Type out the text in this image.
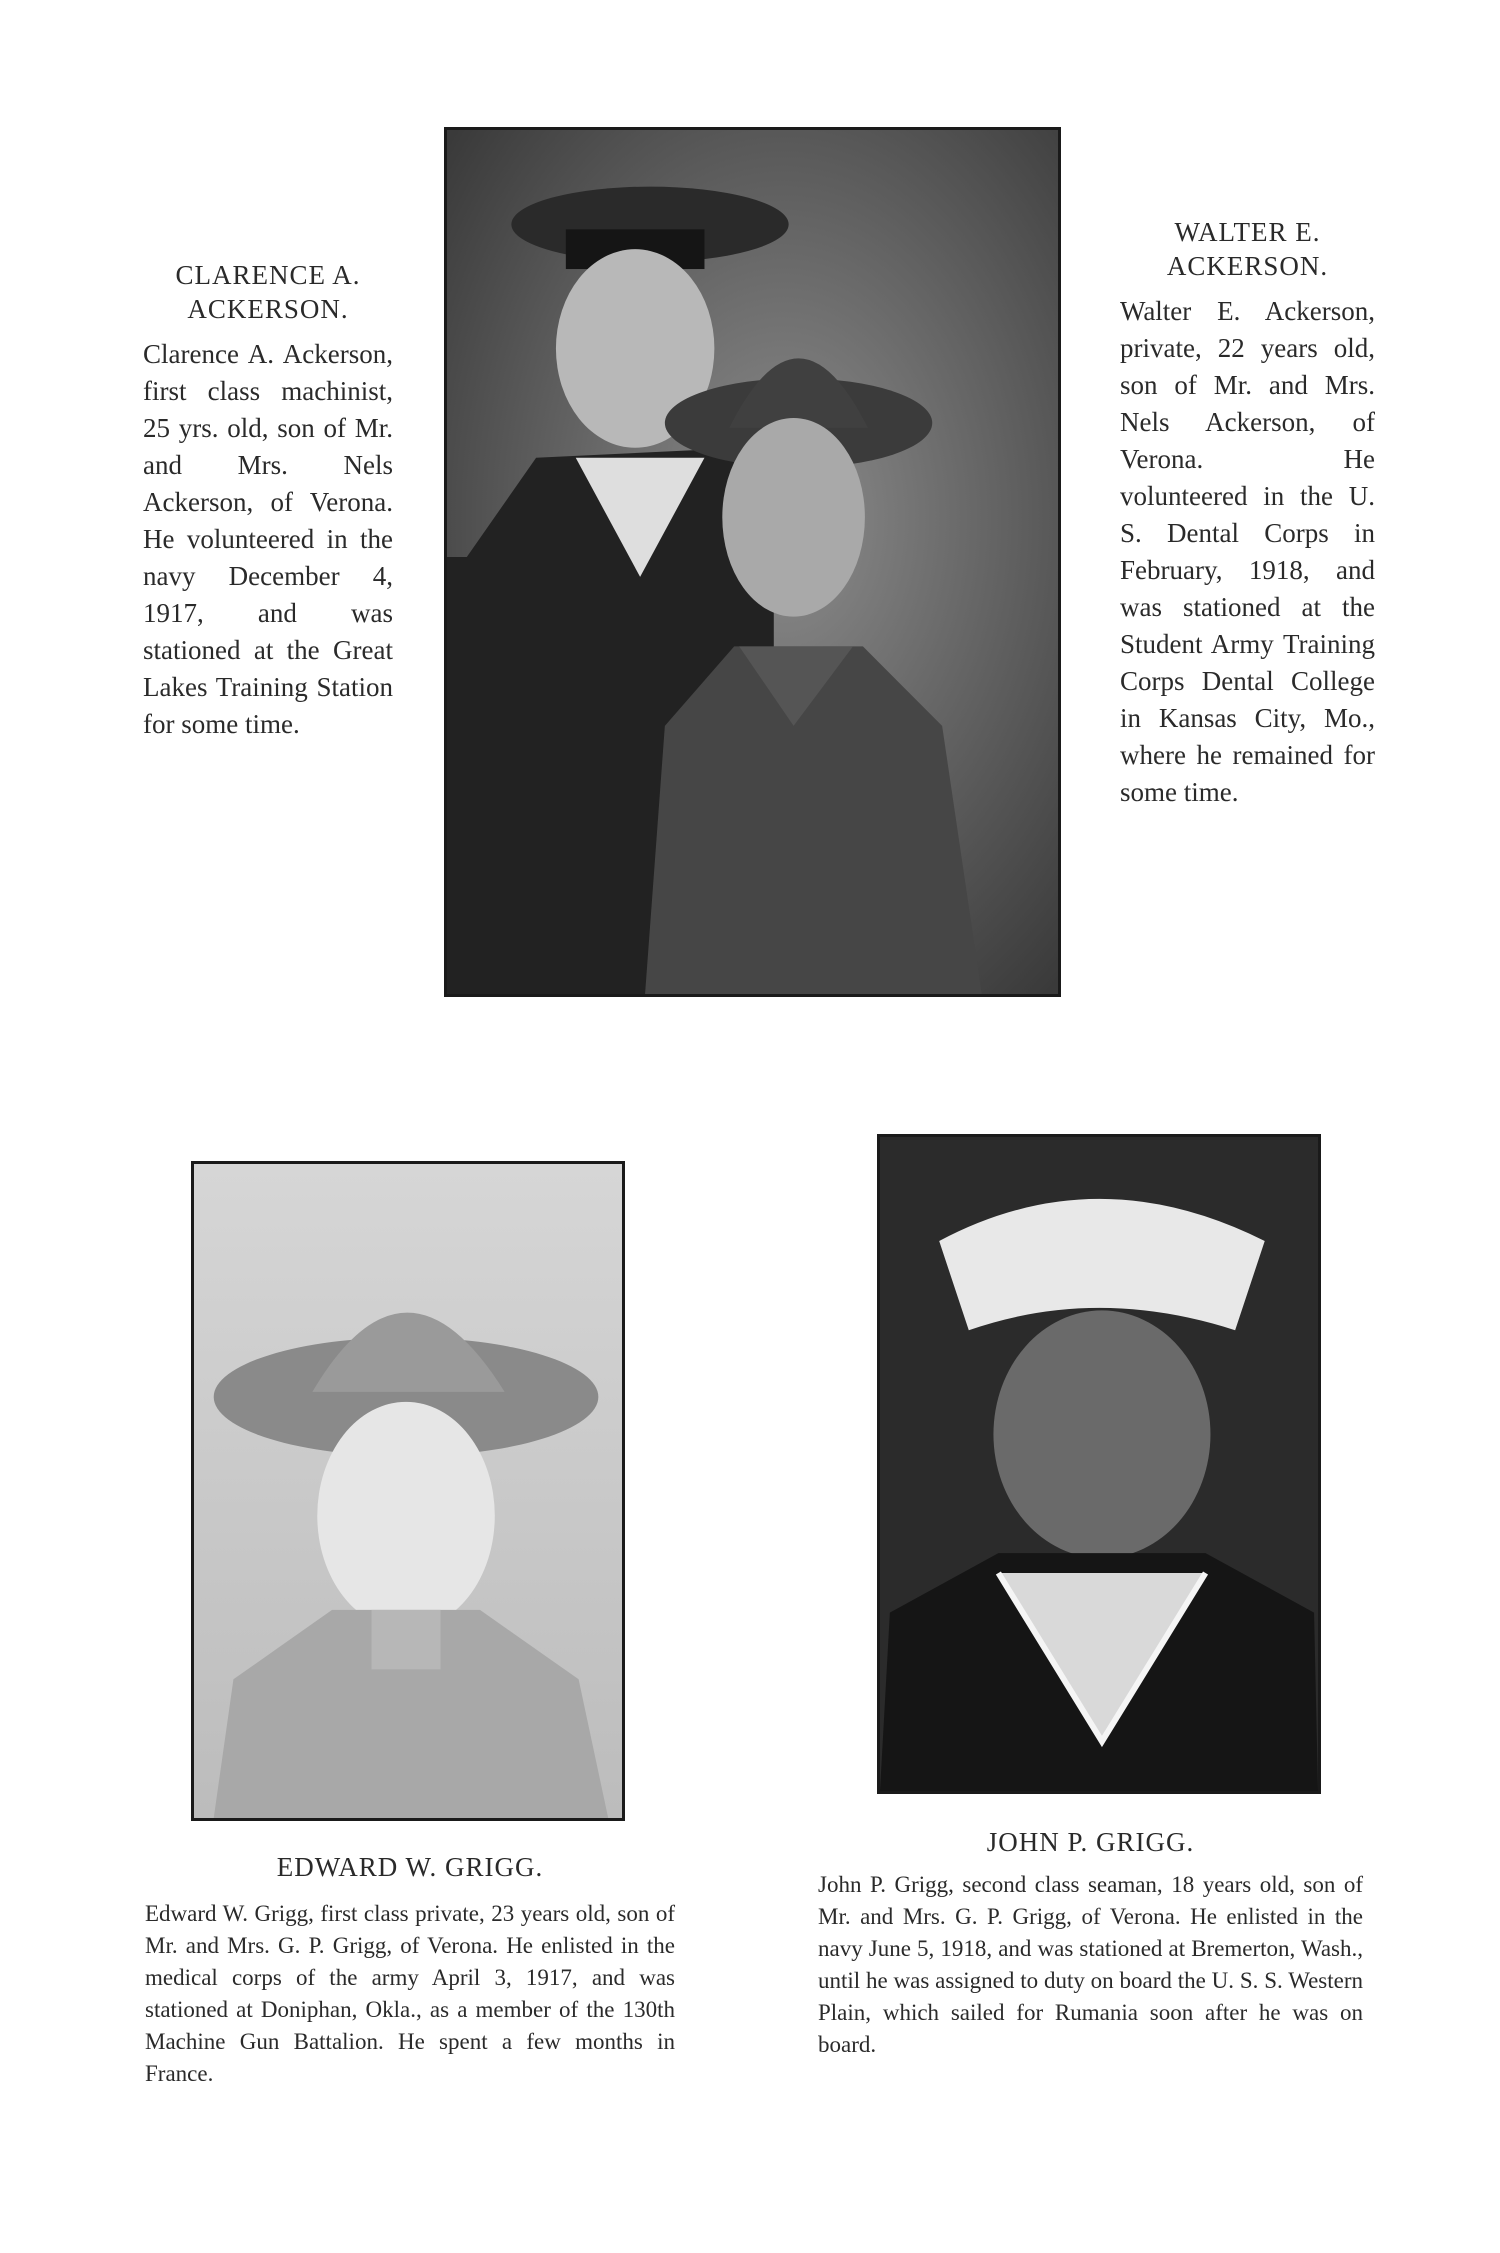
CLARENCE A.
ACKERSON.

Clarence A. Ackerson, first class machinist, 25 yrs. old, son of Mr. and Mrs. Nels Ackerson, of Verona. He volunteered in the navy December 4, 1917, and was stationed at the Great Lakes Training Station for some time.

WALTER E.
ACKERSON.

Walter E. Ackerson, private, 22 years old, son of Mr. and Mrs. Nels Ackerson, of Verona. He volunteered in the U. S. Dental Corps in February, 1918, and was stationed at the Student Army Training Corps Dental College in Kansas City, Mo., where he remained for some time.

EDWARD W. GRIGG.

Edward W. Grigg, first class private, 23 years old, son of Mr. and Mrs. G. P. Grigg, of Verona. He enlisted in the medical corps of the army April 3, 1917, and was stationed at Doniphan, Okla., as a member of the 130th Machine Gun Battalion. He spent a few months in France.

JOHN P. GRIGG.

John P. Grigg, second class seaman, 18 years old, son of Mr. and Mrs. G. P. Grigg, of Verona. He enlisted in the navy June 5, 1918, and was stationed at Bremerton, Wash., until he was assigned to duty on board the U. S. S. Western Plain, which sailed for Rumania soon after he was on board.
